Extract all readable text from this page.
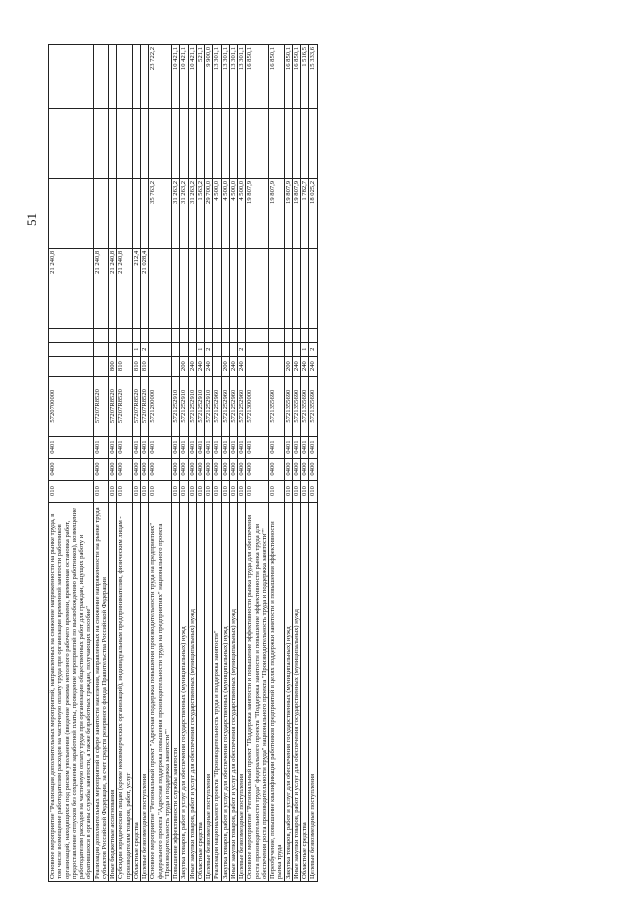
51
Основное мероприятие "Реализация дополнительных мероприятий, направленных на снижение напряженности на рынке труда, в том числе возмещение работодателям расходов на частичную оплату труда при организации временной занятости работников организаций, находящихся под риском увольнения (введение режима неполного рабочего времени, временная остановка работ, предоставление отпусков без сохранения заработной платы, проведение мероприятий по высвобождению работников), возмещение работодателям расходов на частичную оплату труда при организации общественных работ для граждан, ищущих работу и обратившихся в органы службы занятости, а также безработных граждан, получающих пособие"	010	0400	0401	5720700000				21 240,8			
Реализация дополнительных мероприятий в сфере занятости населения, направленных на снижение напряженности на рынке труда субъектов Российской Федерации, за счет средств резервного фонда Правительства Российской Федерации	010	0400	0401	57207R8520				21 240,8			
Иные бюджетные ассигнования	010	0400	0401	57207R8520	800			21 240,8			
Субсидии юридическим лицам (кроме некоммерческих организаций), индивидуальным предпринимателям, физическим лицам - производителям товаров, работ, услуг	010	0400	0401	57207R8520	810			21 240,8			
Областные средства	010	0400	0401	57207R8520	810	1		212,4			
Целевые безвозмездные поступления	010	0400	0401	57207R8520	810	2		21 028,4			
Основное мероприятие "Региональный проект "Адресная поддержка повышения производительности труда на предприятиях" федерального проекта "Адресная поддержка повышения производительности труда на предприятиях" национального проекта "Производительность труда и поддержка занятости""	010	0400	0401	5721200000					35 763,2		23 722,2
Повышение эффективности службы занятости	010	0400	0401	5721252910					31 263,2		10 421,1
Закупка товаров, работ и услуг для обеспечения государственных (муниципальных) нужд	010	0400	0401	5721252910	200				31 263,2		10 421,1
Иные закупки товаров, работ и услуг для обеспечения государственных (муниципальных) нужд	010	0400	0401	5721252910	240				31 263,2		10 421,1
Областные средства	010	0400	0401	5721252910	240	1			1 563,2		521,1
Целевые безвозмездные поступления	010	0400	0401	5721252910	240	2			29 700,0		9 900,0
Реализация национального проекта "Производительность труда и поддержка занятости"	010	0400	0401	5721252960					4 500,0		13 301,1
Закупка товаров, работ и услуг для обеспечения государственных (муниципальных) нужд	010	0400	0401	5721252960	200				4 500,0		13 301,1
Иные закупки товаров, работ и услуг для обеспечения государственных (муниципальных) нужд	010	0400	0401	5721252960	240				4 500,0		13 301,1
Целевые безвозмездные поступления	010	0400	0401	5721252960	240	2			4 500,0		13 301,1
Основное мероприятие "Региональный проект "Поддержка занятости и повышение эффективности рынка труда для обеспечения роста производительности труда" федерального проекта "Поддержка занятости и повышение эффективности рынка труда для обеспечения роста производительности труда" национального проекта "Производительность труда и поддержка занятости""	010	0400	0401	5721300000					19 807,9		16 850,1
Переобучение, повышение квалификации работников предприятий в целях поддержки занятости и повышения эффективности рынка труда	010	0400	0401	5721355690					19 807,9		16 850,1
Закупка товаров, работ и услуг для обеспечения государственных (муниципальных) нужд	010	0400	0401	5721355690	200				19 807,9		16 850,1
Иные закупки товаров, работ и услуг для обеспечения государственных (муниципальных) нужд	010	0400	0401	5721355690	240				19 807,9		16 850,1
Областные средства	010	0400	0401	5721355690	240	1			1 782,7		1 516,5
Целевые безвозмездные поступления	010	0400	0401	5721355690	240	2			18 025,2		15 333,6
